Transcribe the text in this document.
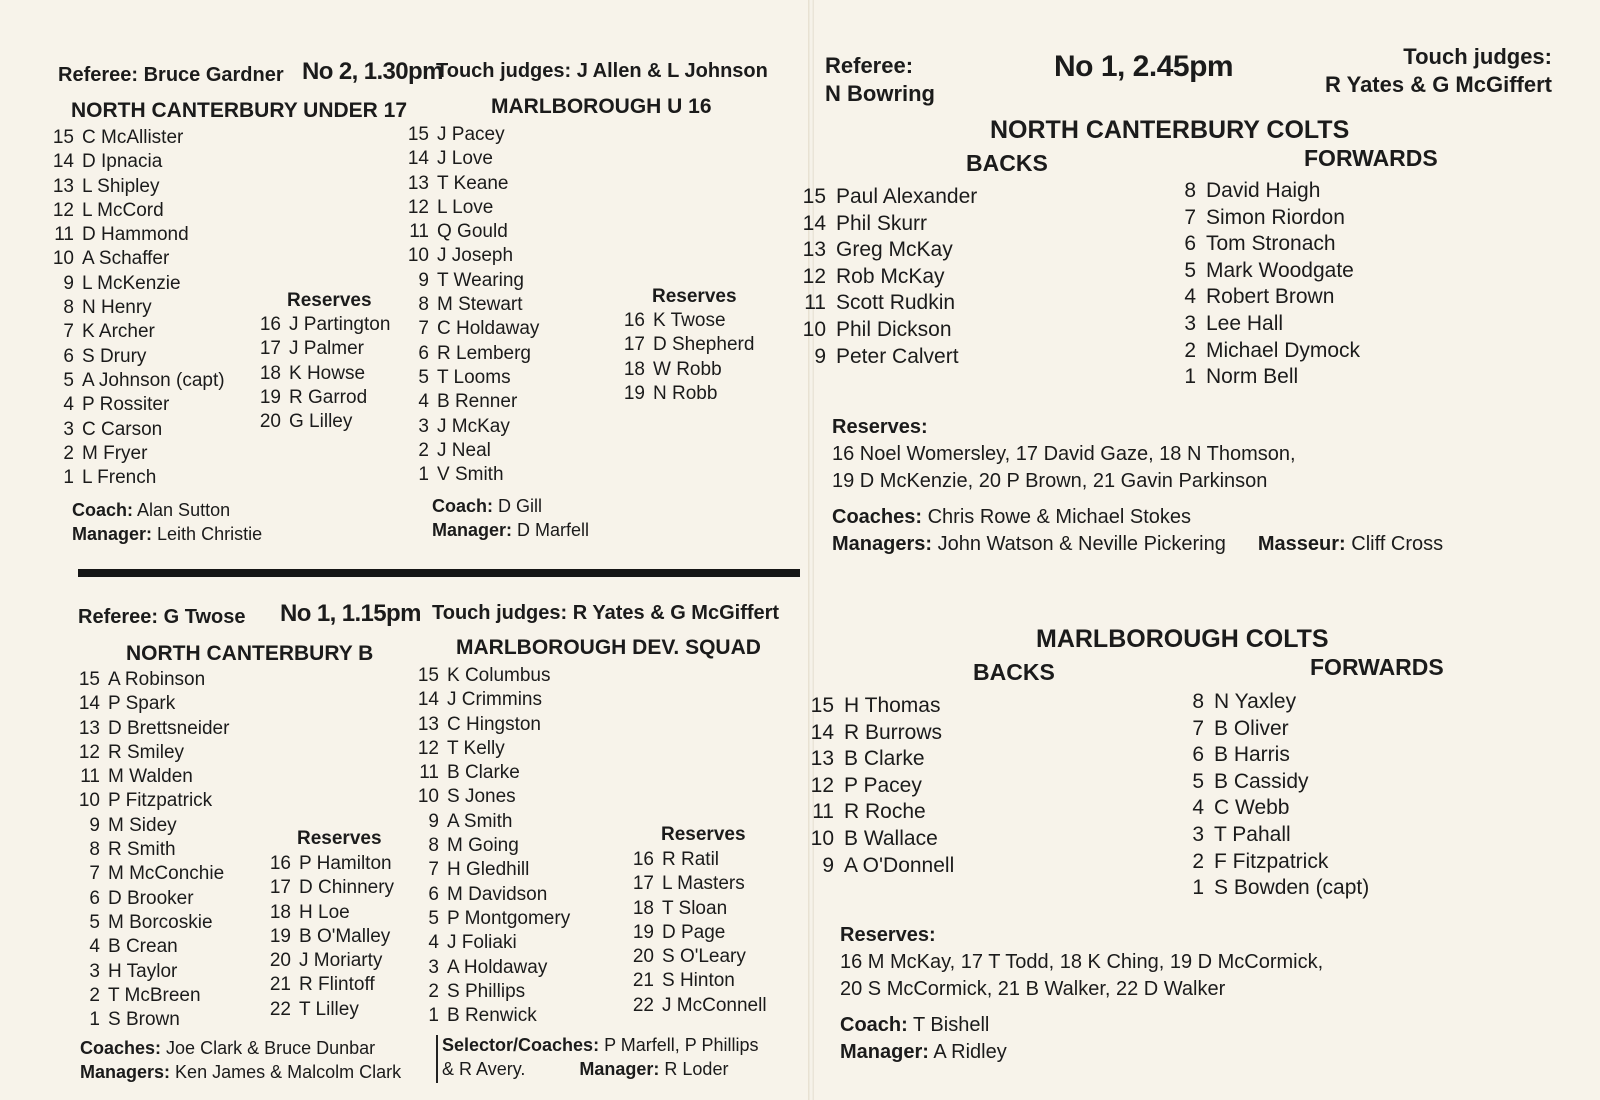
Referee: Bruce Gardner No 2, 1.30pm
Touch judges: J Allen & L Johnson
NORTH CANTERBURY UNDER 17	MARLBOROUGH U 16
15 C McAllister
14 D Ipnacia
13 L Shipley
12 L McCord
11 D Hammond
10 A Schaffer
9 L McKenzie
8 N Henry
7 K Archer
6 S Drury
5 A Johnson (capt)
4 P Rossiter
3 C Carson
2 M Fryer
1 L French
Reserves
16 J Partington
17 J Palmer
18 K Howse
19 R Garrod
20 G Lilley
15 J Pacey
14 J Love
13 T Keane
12 L Love
11 Q Gould
10 J Joseph
9 T Wearing
8 M Stewart
7 C Holdaway
6 R Lemberg
5 T Looms
4 B Renner
3 J McKay
2 J Neal
1 V Smith
Reserves
16 K Twose
17 D Shepherd
18 W Robb
19 N Robb
Coach: Alan Sutton
Manager: Leith Christie
Coach: D Gill
Manager: D Marfell
Referee: G Twose No 1, 1.15pm Touch judges: R Yates & G McGiffert
NORTH CANTERBURY B	MARLBOROUGH DEV. SQUAD
15 A Robinson
14 P Spark
13 D Brettsneider
12 R Smiley
11 M Walden
10 P Fitzpatrick
9 M Sidey
8 R Smith
7 M McConchie
6 D Brooker
5 M Borcoskie
4 B Crean
3 H Taylor
2 T McBreen
1 S Brown
Reserves
16 P Hamilton
17 D Chinnery
18 H Loe
19 B O'Malley
20 J Moriarty
21 R Flintoff
22 T Lilley
15 K Columbus
14 J Crimmins
13 C Hingston
12 T Kelly
11 B Clarke
10 S Jones
9 A Smith
8 M Going
7 H Gledhill
6 M Davidson
5 P Montgomery
4 J Foliaki
3 A Holdaway
2 S Phillips
1 B Renwick
Reserves
16 R Ratil
17 L Masters
18 T Sloan
19 D Page
20 S O'Leary
21 S Hinton
22 J McConnell
Coaches: Joe Clark & Bruce Dunbar
Managers: Ken James & Malcolm Clark
Selector/Coaches: P Marfell, P Phillips
& R Avery.	Manager: R Loder
Referee:
N Bowring
No 1, 2.45pm	Touch judges:
R Yates & G McGiffert
NORTH CANTERBURY COLTS
BACKS	FORWARDS
15 Paul Alexander
14 Phil Skurr
13 Greg McKay
12 Rob McKay
11 Scott Rudkin
10 Phil Dickson
9 Peter Calvert
8 David Haigh
7 Simon Riordon
6 Tom Stronach
5 Mark Woodgate
4 Robert Brown
3 Lee Hall
2 Michael Dymock
1 Norm Bell
Reserves:
16 Noel Womersley, 17 David Gaze, 18 N Thomson,
19 D McKenzie, 20 P Brown, 21 Gavin Parkinson
Coaches: Chris Rowe & Michael Stokes
Managers: John Watson & Neville Pickering Masseur: Cliff Cross
MARLBOROUGH COLTS
BACKS	FORWARDS
15 H Thomas
14 R Burrows
13 B Clarke
12 P Pacey
11 R Roche
10 B Wallace
9 A O'Donnell
8 N Yaxley
7 B Oliver
6 B Harris
5 B Cassidy
4 C Webb
3 T Pahall
2 F Fitzpatrick
1 S Bowden (capt)
Reserves:
16 M McKay, 17 T Todd, 18 K Ching, 19 D McCormick,
20 S McCormick, 21 B Walker, 22 D Walker
Coach: T Bishell
Manager: A Ridley
